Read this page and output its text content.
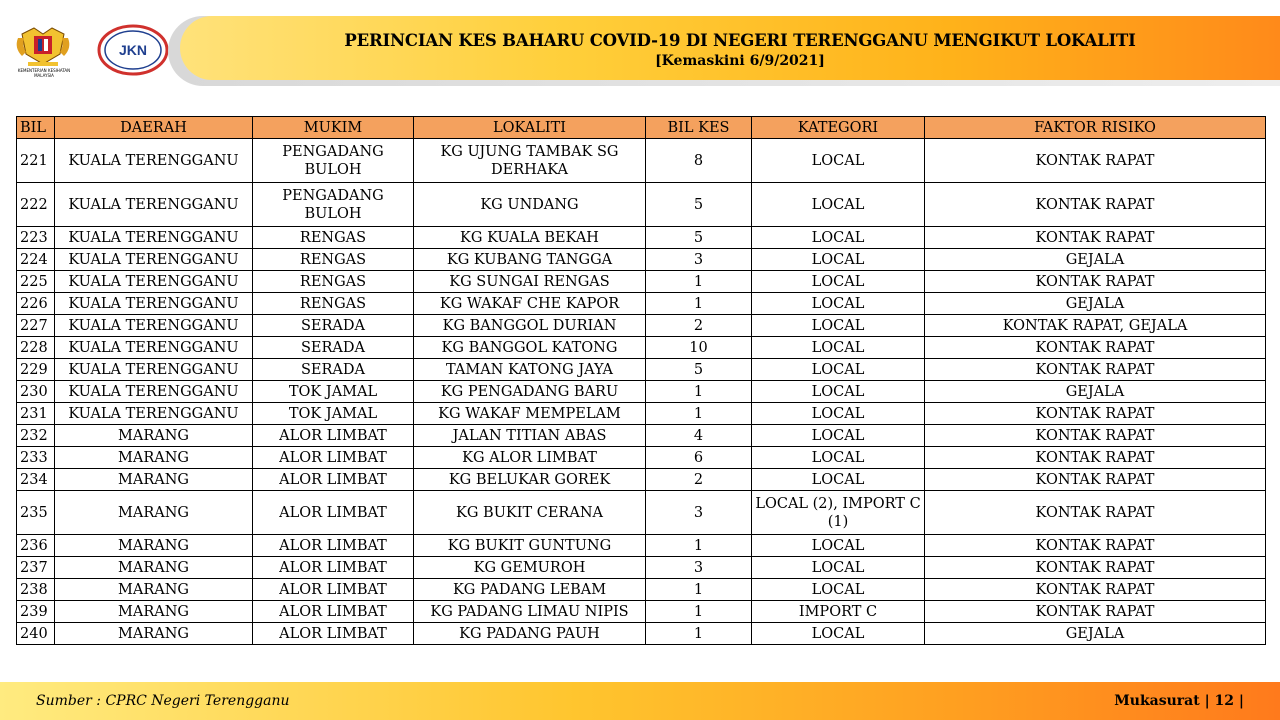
KEMENTERIAN KESIHATAN MALAYSIA
JKN	PERINCIAN KES BAHARU COVID-19 DI NEGERI TERENGGANU MENGIKUT LOKALITI
[Kemaskini 6/9/2021]
BIL	DAERAH	MUKIM	LOKALITI	BIL KES	KATEGORI	FAKTOR RISIKO
221	KUALA TERENGGANU	PENGADANG BULOH	KG UJUNG TAMBAK SG DERHAKA	8	LOCAL	KONTAK RAPAT
222	KUALA TERENGGANU	PENGADANG BULOH	KG UNDANG	5	LOCAL	KONTAK RAPAT
223	KUALA TERENGGANU	RENGAS	KG KUALA BEKAH	5	LOCAL	KONTAK RAPAT
224	KUALA TERENGGANU	RENGAS	KG KUBANG TANGGA	3	LOCAL	GEJALA
225	KUALA TERENGGANU	RENGAS	KG SUNGAI RENGAS	1	LOCAL	KONTAK RAPAT
226	KUALA TERENGGANU	RENGAS	KG WAKAF CHE KAPOR	1	LOCAL	GEJALA
227	KUALA TERENGGANU	SERADA	KG BANGGOL DURIAN	2	LOCAL	KONTAK RAPAT, GEJALA
228	KUALA TERENGGANU	SERADA	KG BANGGOL KATONG	10	LOCAL	KONTAK RAPAT
229	KUALA TERENGGANU	SERADA	TAMAN KATONG JAYA	5	LOCAL	KONTAK RAPAT
230	KUALA TERENGGANU	TOK JAMAL	KG PENGADANG BARU	1	LOCAL	GEJALA
231	KUALA TERENGGANU	TOK JAMAL	KG WAKAF MEMPELAM	1	LOCAL	KONTAK RAPAT
232	MARANG	ALOR LIMBAT	JALAN TITIAN ABAS	4	LOCAL	KONTAK RAPAT
233	MARANG	ALOR LIMBAT	KG ALOR LIMBAT	6	LOCAL	KONTAK RAPAT
234	MARANG	ALOR LIMBAT	KG BELUKAR GOREK	2	LOCAL	KONTAK RAPAT
235	MARANG	ALOR LIMBAT	KG BUKIT CERANA	3	LOCAL (2), IMPORT C (1)	KONTAK RAPAT
236	MARANG	ALOR LIMBAT	KG BUKIT GUNTUNG	1	LOCAL	KONTAK RAPAT
237	MARANG	ALOR LIMBAT	KG GEMUROH	3	LOCAL	KONTAK RAPAT
238	MARANG	ALOR LIMBAT	KG PADANG LEBAM	1	LOCAL	KONTAK RAPAT
239	MARANG	ALOR LIMBAT	KG PADANG LIMAU NIPIS	1	IMPORT C	KONTAK RAPAT
240	MARANG	ALOR LIMBAT	KG PADANG PAUH	1	LOCAL	GEJALA
Sumber : CPRC Negeri Terengganu	Mukasurat | 12 |
